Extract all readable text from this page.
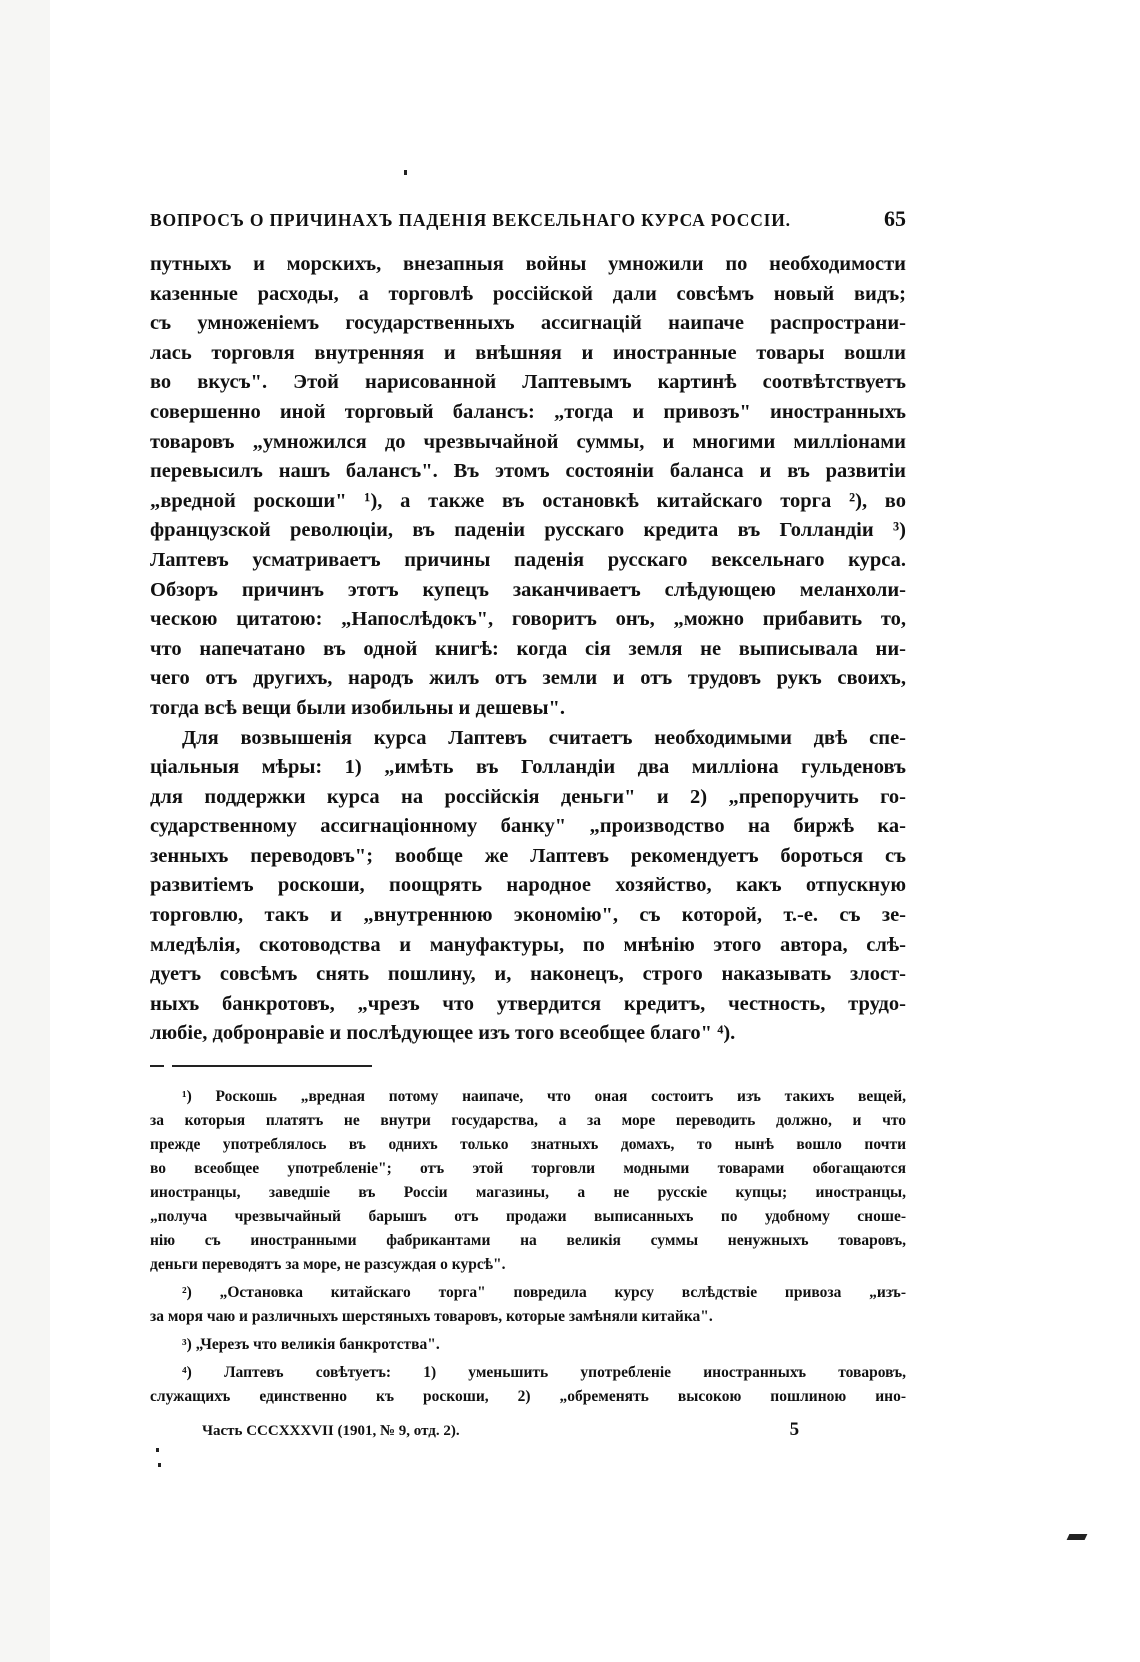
ВОПРОСЪ О ПРИЧИНАХЪ ПАДЕНІЯ ВЕКСЕЛЬНАГО КУРСА РОССІИ.	65
путныхъ и морскихъ, внезапныя войны умножили по необходимости
казенные расходы, а торговлѣ россійской дали совсѣмъ новый видъ;
съ умноженіемъ государственныхъ ассигнацій наипаче распространи-
лась торговля внутренняя и внѣшняя и иностранные товары вошли
во вкусъ". Этой нарисованной Лаптевымъ картинѣ соотвѣтствуетъ
совершенно иной торговый балансъ: „тогда и привозъ" иностранныхъ
товаровъ „умножился до чрезвычайной суммы, и многими милліонами
перевысилъ нашъ балансъ". Въ этомъ состояніи баланса и въ развитіи
„вредной роскоши" ¹), а также въ остановкѣ китайскаго торга ²), во
французской революціи, въ паденіи русскаго кредита въ Голландіи ³)
Лаптевъ усматриваетъ причины паденія русскаго вексельнаго курса.
Обзоръ причинъ этотъ купецъ заканчиваетъ слѣдующею меланхоли-
ческою цитатою: „Напослѣдокъ", говоритъ онъ, „можно прибавить то,
что напечатано въ одной книгѣ: когда сія земля не выписывала ни-
чего отъ другихъ, народъ жилъ отъ земли и отъ трудовъ рукъ своихъ,
тогда всѣ вещи были изобильны и дешевы".
Для возвышенія курса Лаптевъ считаетъ необходимыми двѣ спе-
ціальныя мѣры: 1) „имѣть въ Голландіи два милліона гульденовъ
для поддержки курса на россійскія деньги" и 2) „препоручить го-
сударственному ассигнаціонному банку" „производство на биржѣ ка-
зенныхъ переводовъ"; вообще же Лаптевъ рекомендуетъ бороться съ
развитіемъ роскоши, поощрять народное хозяйство, какъ отпускную
торговлю, такъ и „внутреннюю экономію", съ которой, т.-е. съ зе-
мледѣлія, скотоводства и мануфактуры, по мнѣнію этого автора, слѣ-
дуетъ совсѣмъ снять пошлину, и, наконецъ, строго наказывать злост-
ныхъ банкротовъ, „чрезъ что утвердится кредитъ, честность, трудо-
любіе, добронравіе и послѣдующее изъ того всеобщее благо" ⁴).
¹) Роскошь „вредная потому наипаче, что оная состоитъ изъ такихъ вещей,
за которыя платятъ не внутри государства, а за море переводить должно, и что
прежде употреблялось въ однихъ только знатныхъ домахъ, то нынѣ вошло почти
во всеобщее употребленіе"; отъ этой торговли модными товарами обогащаются
иностранцы, заведшіе въ Россіи магазины, а не русскіе купцы; иностранцы,
„получа чрезвычайный барышъ отъ продажи выписанныхъ по удобному сноше-
нію съ иностранными фабрикантами на великія суммы ненужныхъ товаровъ,
деньги переводятъ за море, не разсуждая о курсѣ".
²) „Остановка китайскаго торга" повредила курсу вслѣдствіе привоза „изъ-
за моря чаю и различныхъ шерстяныхъ товаровъ, которые замѣняли китайка".
³) „Черезъ что великія банкротства".
⁴) Лаптевъ совѣтуетъ: 1) уменьшить употребленіе иностранныхъ товаровъ,
служащихъ единственно къ роскоши, 2) „обременять высокою пошлиною ино-
Часть CCCXXXVII (1901, № 9, отд. 2).	5
